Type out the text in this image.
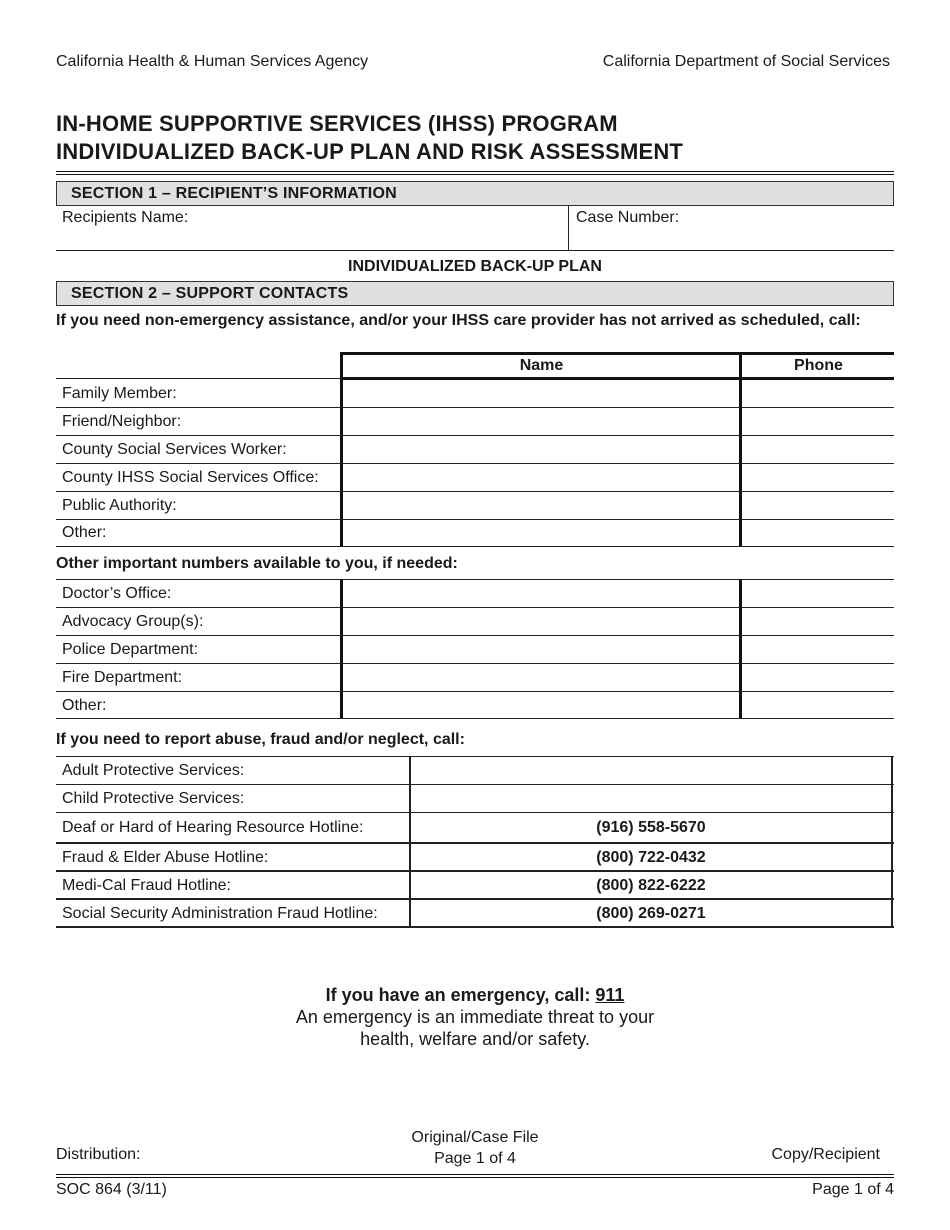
California Health & Human Services Agency	California Department of Social Services
IN-HOME SUPPORTIVE SERVICES (IHSS) PROGRAM
INDIVIDUALIZED BACK-UP PLAN AND RISK ASSESSMENT
SECTION 1 – RECIPIENT’S INFORMATION
Recipients Name:	Case Number:
INDIVIDUALIZED BACK-UP PLAN
SECTION 2 – SUPPORT CONTACTS
If you need non-emergency assistance, and/or your IHSS care provider has not arrived as scheduled, call:
Name	Phone
Family Member:
Friend/Neighbor:
County Social Services Worker:
County IHSS Social Services Office:
Public Authority:
Other:
Other important numbers available to you, if needed:
Doctor’s Office:
Advocacy Group(s):
Police Department:
Fire Department:
Other:
If you need to report abuse, fraud and/or neglect, call:
Adult Protective Services:
Child Protective Services:
Deaf or Hard of Hearing Resource Hotline:	(916) 558-5670
Fraud & Elder Abuse Hotline:	(800) 722-0432
Medi-Cal Fraud Hotline:	(800) 822-6222
Social Security Administration Fraud Hotline:	(800) 269-0271
If you have an emergency, call: 911
An emergency is an immediate threat to your
health, welfare and/or safety.
Distribution:
Original/Case File
Page 1 of 4	Copy/Recipient
SOC 864 (3/11)	Page 1 of 4
